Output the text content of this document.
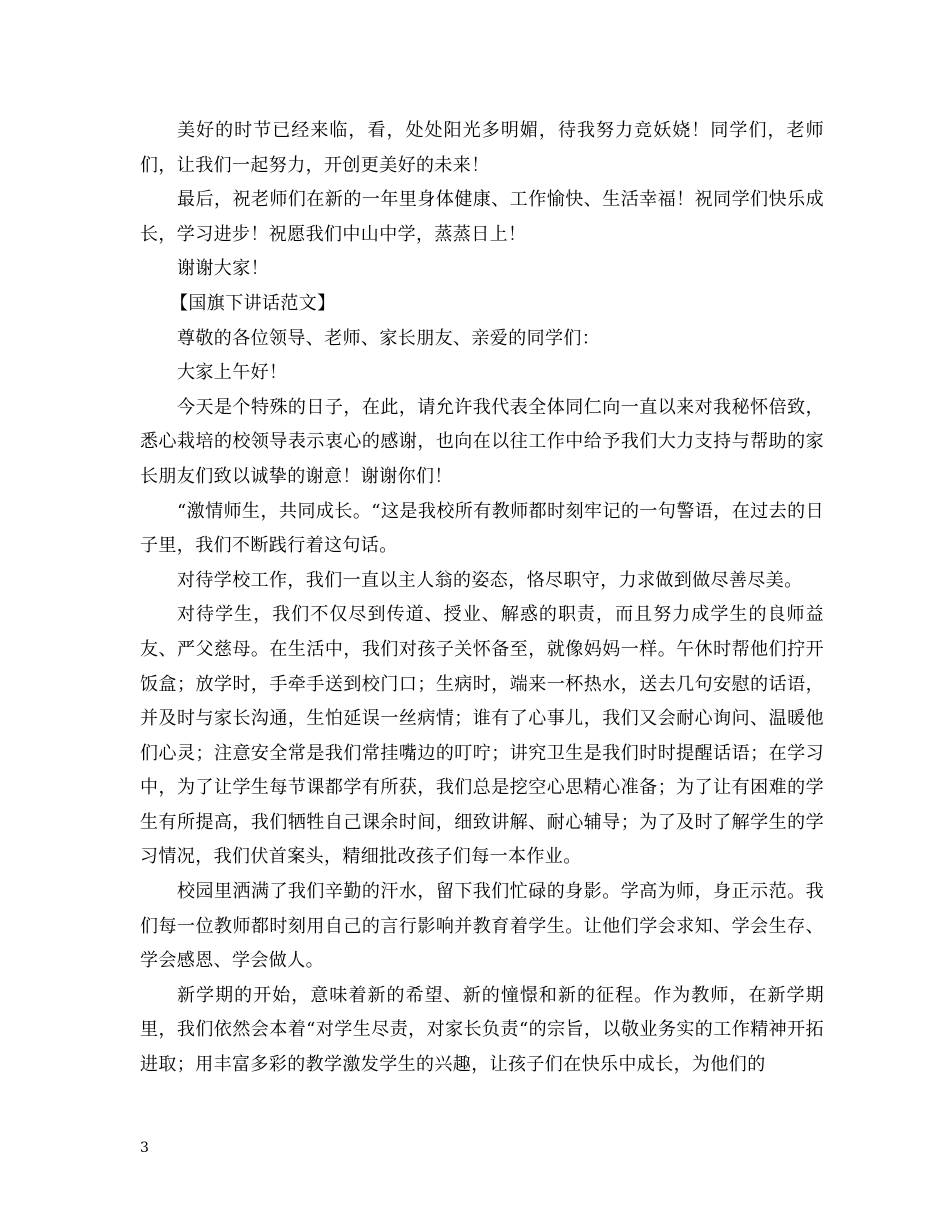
美好的时节已经来临，看，处处阳光多明媚，待我努力竞妖娆！同学们，老师们，让我们一起努力，开创更美好的未来！

最后，祝老师们在新的一年里身体健康、工作愉快、生活幸福！祝同学们快乐成长，学习进步！祝愿我们中山中学，蒸蒸日上！

谢谢大家！

【国旗下讲话范文】

尊敬的各位领导、老师、家长朋友、亲爱的同学们：

大家上午好！

今天是个特殊的日子，在此，请允许我代表全体同仁向一直以来对我秘怀倍致，悉心栽培的校领导表示衷心的感谢，也向在以往工作中给予我们大力支持与帮助的家长朋友们致以诚挚的谢意！谢谢你们！

“激情师生，共同成长。“这是我校所有教师都时刻牢记的一句警语，在过去的日子里，我们不断践行着这句话。

对待学校工作，我们一直以主人翁的姿态，恪尽职守，力求做到做尽善尽美。

对待学生，我们不仅尽到传道、授业、解惑的职责，而且努力成学生的良师益友、严父慈母。在生活中，我们对孩子关怀备至，就像妈妈一样。午休时帮他们拧开饭盒；放学时，手牵手送到校门口；生病时，端来一杯热水，送去几句安慰的话语，并及时与家长沟通，生怕延误一丝病情；谁有了心事儿，我们又会耐心询问、温暖他们心灵；注意安全常是我们常挂嘴边的叮咛；讲究卫生是我们时时提醒话语；在学习中，为了让学生每节课都学有所获，我们总是挖空心思精心准备；为了让有困难的学生有所提高，我们牺牲自己课余时间，细致讲解、耐心辅导；为了及时了解学生的学习情况，我们伏首案头，精细批改孩子们每一本作业。

校园里洒满了我们辛勤的汗水，留下我们忙碌的身影。学高为师，身正示范。我们每一位教师都时刻用自己的言行影响并教育着学生。让他们学会求知、学会生存、学会感恩、学会做人。

新学期的开始，意味着新的希望、新的憧憬和新的征程。作为教师，在新学期里，我们依然会本着“对学生尽责，对家长负责“的宗旨，以敬业务实的工作精神开拓进取；用丰富多彩的教学激发学生的兴趣，让孩子们在快乐中成长，为他们的

3
